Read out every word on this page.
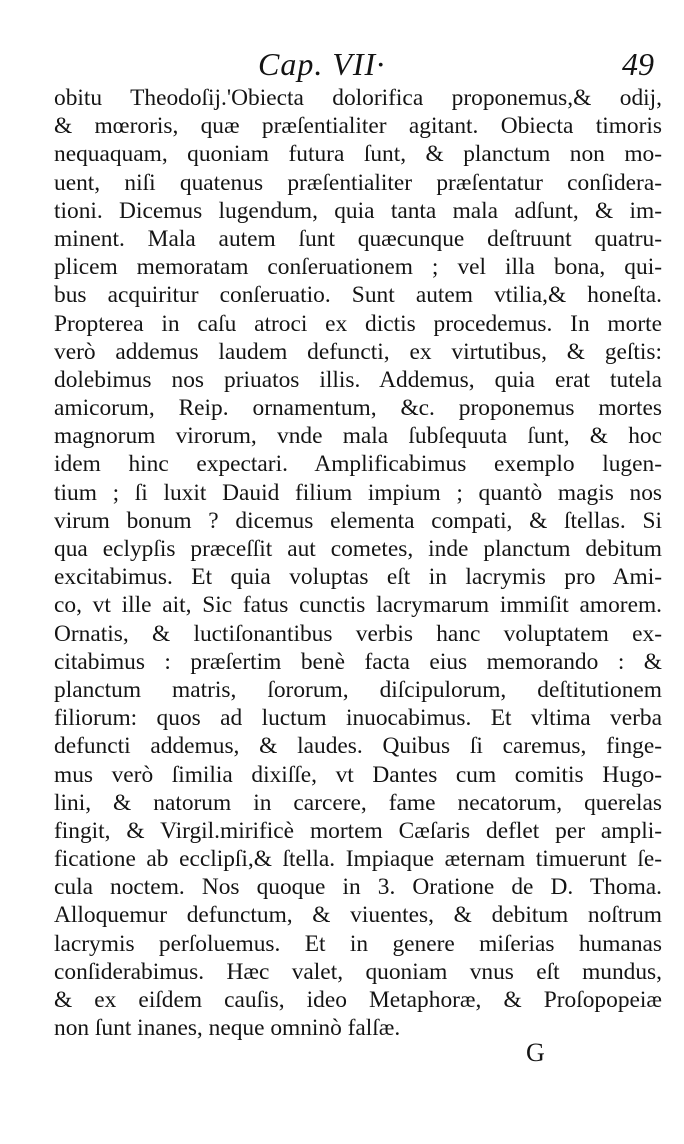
Cap. VII·	49
obitu Theodoſij.'Obiecta dolorifica proponemus,& odij,
& mœroris, quæ præſentialiter agitant. Obiecta timoris
nequaquam, quoniam futura ſunt, & planctum non mo-
uent, niſi quatenus præſentialiter præſentatur conſidera-
tioni. Dicemus lugendum, quia tanta mala adſunt, & im-
minent. Mala autem ſunt quæcunque deſtruunt quatru-
plicem memoratam conſeruationem ; vel illa bona, qui-
bus acquiritur conſeruatio. Sunt autem vtilia,& honeſta.
Propterea in caſu atroci ex dictis procedemus. In morte
verò addemus laudem defuncti, ex virtutibus, & geſtis:
dolebimus nos priuatos illis. Addemus, quia erat tutela
amicorum, Reip. ornamentum, &c. proponemus mortes
magnorum virorum, vnde mala ſubſequuta ſunt, & hoc
idem hinc expectari. Amplificabimus exemplo lugen-
tium ; ſi luxit Dauid filium impium ; quantò magis nos
virum bonum ? dicemus elementa compati, & ſtellas. Si
qua eclypſis præceſſit aut cometes, inde planctum debitum
excitabimus. Et quia voluptas eſt in lacrymis pro Ami-
co, vt ille ait, Sic fatus cunctis lacrymarum immiſit amorem.
Ornatis, & luctiſonantibus verbis hanc voluptatem ex-
citabimus : præſertim benè facta eius memorando : &
planctum matris, ſororum, diſcipulorum, deſtitutionem
filiorum: quos ad luctum inuocabimus. Et vltima verba
defuncti addemus, & laudes. Quibus ſi caremus, finge-
mus verò ſimilia dixiſſe, vt Dantes cum comitis Hugo-
lini, & natorum in carcere, fame necatorum, querelas
fingit, & Virgil.mirificè mortem Cæſaris deflet per ampli-
ficatione ab ecclipſi,& ſtella. Impiaque æternam timuerunt ſe-
cula noctem. Nos quoque in 3. Oratione de D. Thoma.
Alloquemur defunctum, & viuentes, & debitum noſtrum
lacrymis perſoluemus. Et in genere miſerias humanas
conſiderabimus. Hæc valet, quoniam vnus eſt mundus,
& ex eiſdem cauſis, ideo Metaphoræ, & Proſopopeiæ
non ſunt inanes, neque omninò falſæ.
G
